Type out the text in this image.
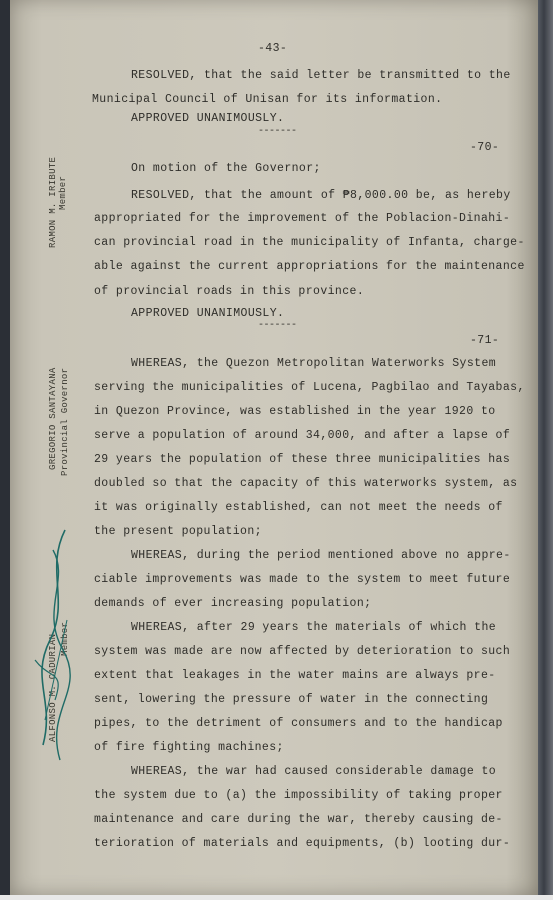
-43-
RAMON M. IRIBUTE Member
GREGORIO SANTAYANA Provincial Governor
ALFONSO M. CADURIAN Member
RESOLVED, that the said letter be transmitted to the
Municipal Council of Unisan for its information.
APPROVED UNANIMOUSLY.
-------
-70-
On motion of the Governor;
RESOLVED, that the amount of ₱8,000.00 be, as hereby
appropriated for the improvement of the Poblacion-Dinahi-
can provincial road in the municipality of Infanta, charge-
able against the current appropriations for the maintenance
of provincial roads in this province.
APPROVED UNANIMOUSLY.
-------
-71-
WHEREAS, the Quezon Metropolitan Waterworks System
serving the municipalities of Lucena, Pagbilao and Tayabas,
in Quezon Province, was established in the year 1920 to
serve a population of around 34,000, and after a lapse of
29 years the population of these three municipalities has
doubled so that the capacity of this waterworks system, as
it was originally established, can not meet the needs of
the present population;
WHEREAS, during the period mentioned above no appre-
ciable improvements was made to the system to meet future
demands of ever increasing population;
WHEREAS, after 29 years the materials of which the
system was made are now affected by deterioration to such
extent that leakages in the water mains are always pre-
sent, lowering the pressure of water in the connecting
pipes, to the detriment of consumers and to the handicap
of fire fighting machines;
WHEREAS, the war had caused considerable damage to
the system due to (a) the impossibility of taking proper
maintenance and care during the war, thereby causing de-
terioration of materials and equipments, (b) looting dur-
